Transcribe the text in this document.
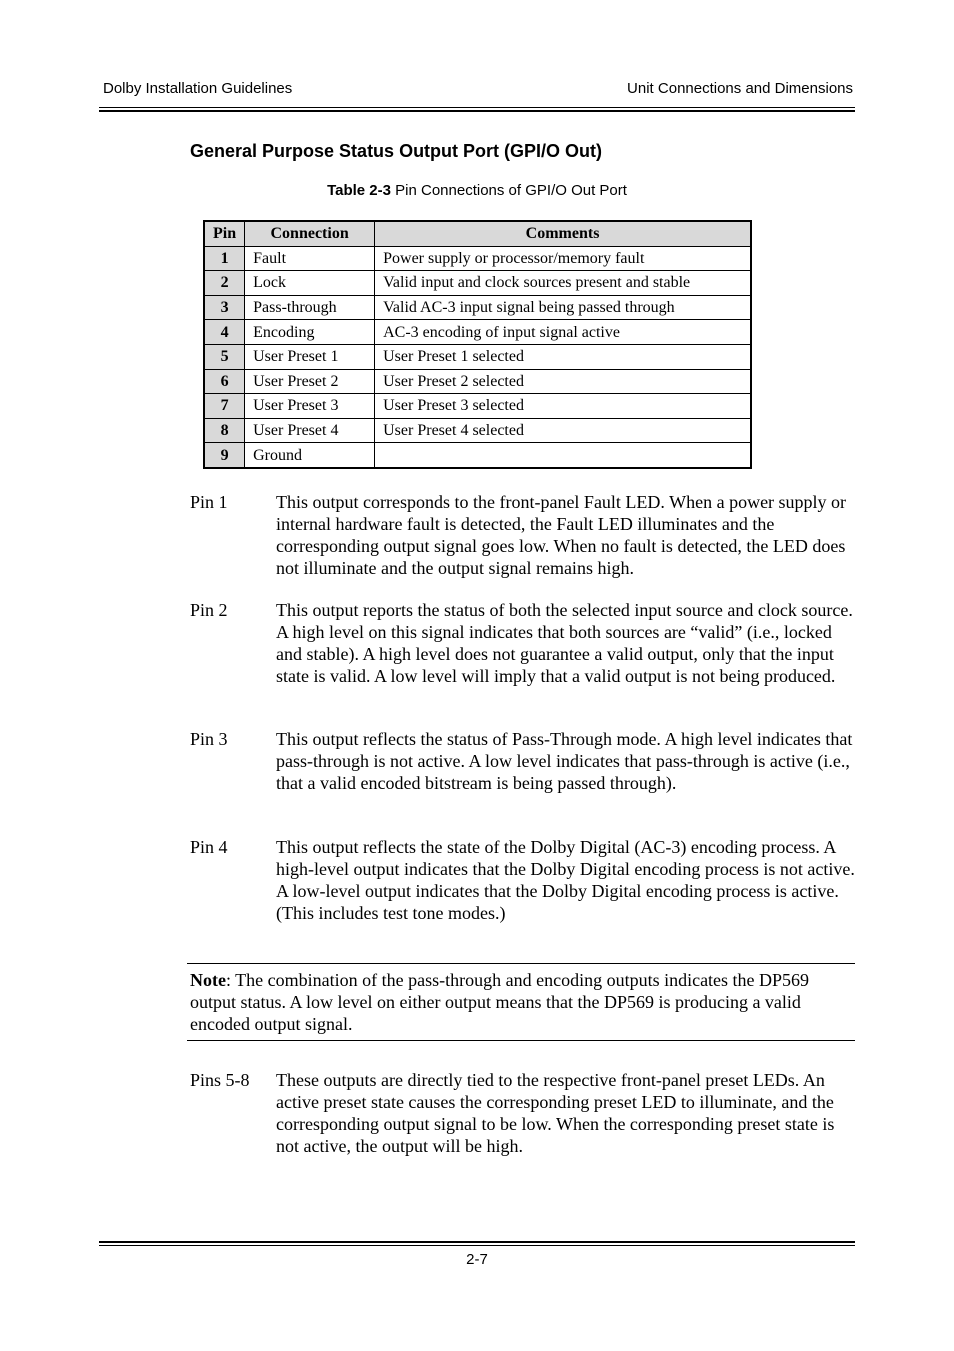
Dolby Installation Guidelines	Unit Connections and Dimensions
General Purpose Status Output Port (GPI/O Out)
Table 2-3 Pin Connections of GPI/O Out Port
Pin	Connection	Comments
1	Fault	Power supply or processor/memory fault
2	Lock	Valid input and clock sources present and stable
3	Pass-through	Valid AC-3 input signal being passed through
4	Encoding	AC-3 encoding of input signal active
5	User Preset 1	User Preset 1 selected
6	User Preset 2	User Preset 2 selected
7	User Preset 3	User Preset 3 selected
8	User Preset 4	User Preset 4 selected
9	Ground	
Pin 1	This output corresponds to the front-panel Fault LED. When a power supply or internal hardware fault is detected, the Fault LED illuminates and the corresponding output signal goes low. When no fault is detected, the LED does not illuminate and the output signal remains high.
Pin 2	This output reports the status of both the selected input source and clock source. A high level on this signal indicates that both sources are “valid” (i.e., locked and stable). A high level does not guarantee a valid output, only that the input state is valid. A low level will imply that a valid output is not being produced.
Pin 3	This output reflects the status of Pass-Through mode. A high level indicates that pass-through is not active. A low level indicates that pass-through is active (i.e., that a valid encoded bitstream is being passed through).
Pin 4	This output reflects the state of the Dolby Digital (AC-3) encoding process. A high-level output indicates that the Dolby Digital encoding process is not active. A low-level output indicates that the Dolby Digital encoding process is active. (This includes test tone modes.)
Note: The combination of the pass-through and encoding outputs indicates the DP569 output status. A low level on either output means that the DP569 is producing a valid encoded output signal.
Pins 5-8 These outputs are directly tied to the respective front-panel preset LEDs. An active preset state causes the corresponding preset LED to illuminate, and the corresponding output signal to be low. When the corresponding preset state is not active, the output will be high.
2-7
